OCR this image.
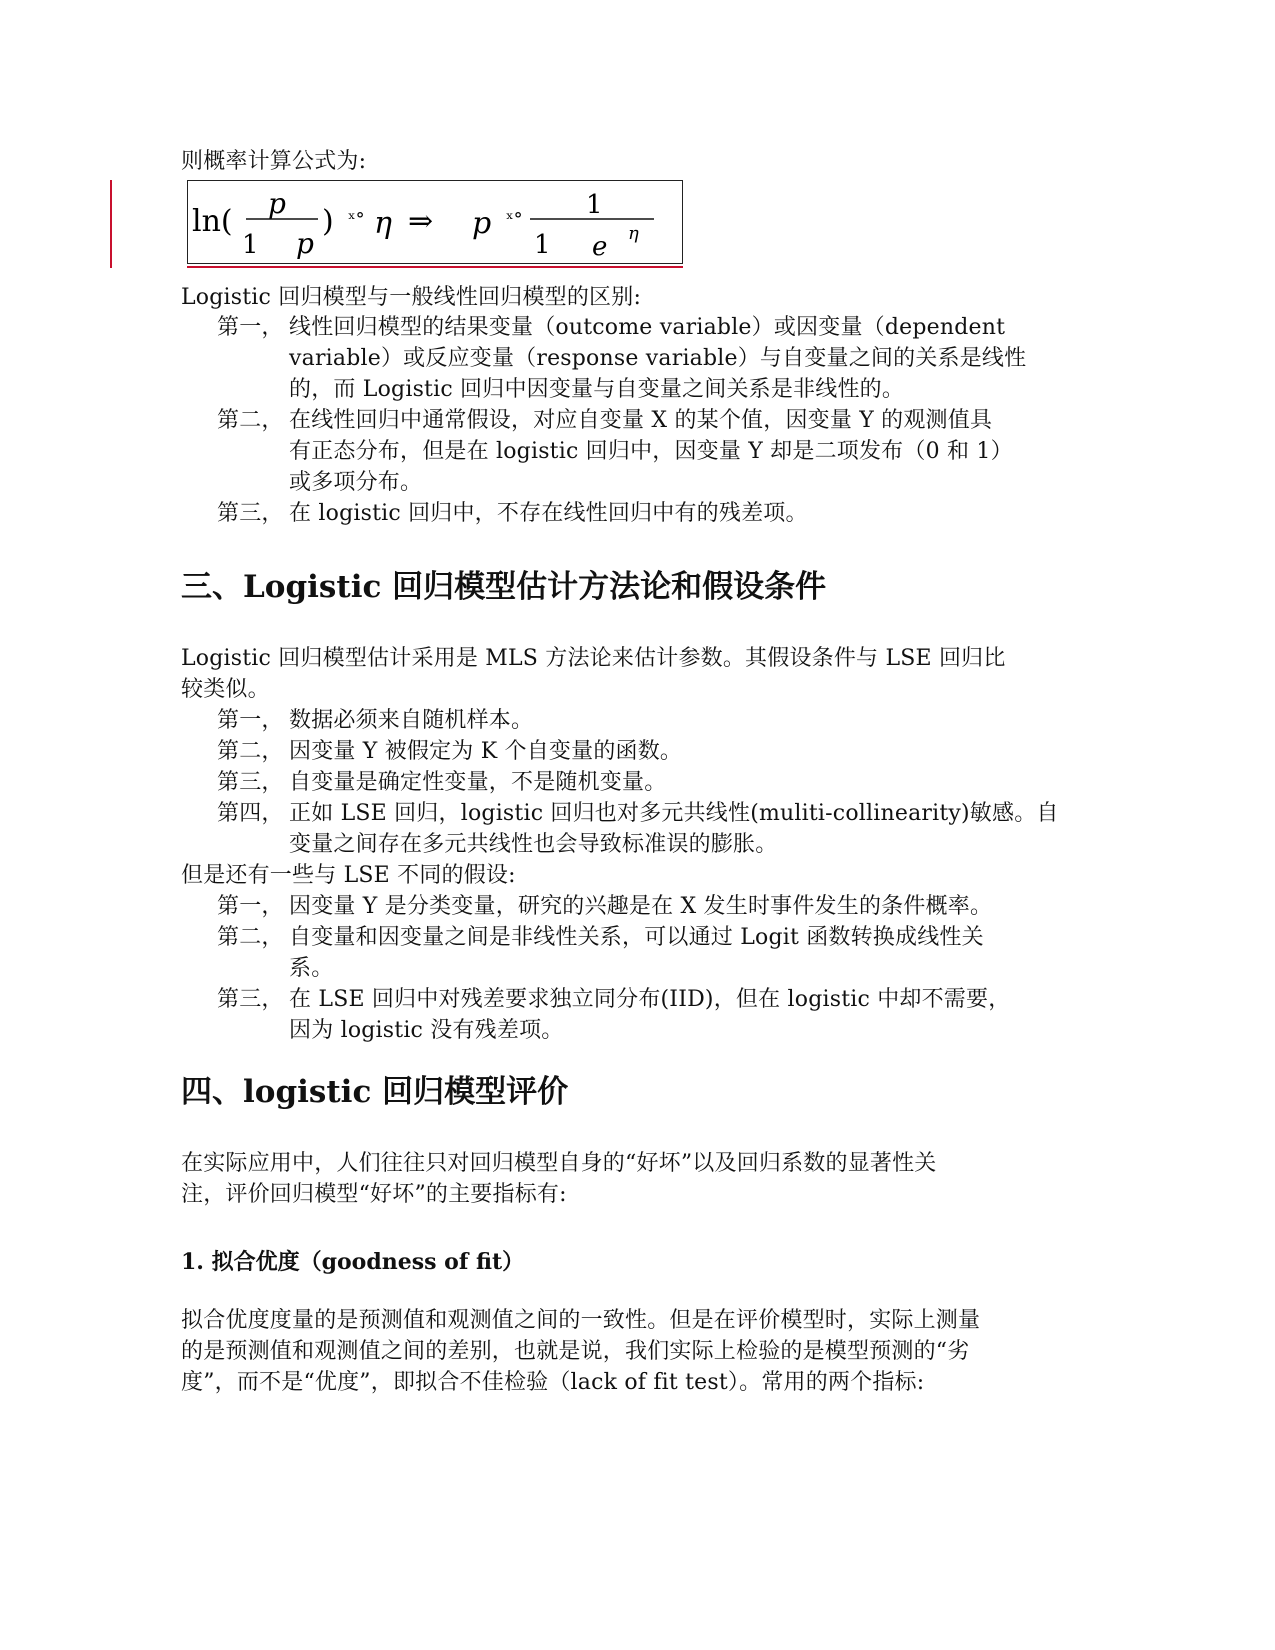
则概率计算公式为:

ln(
p
1 p
) ˣ° η ⇒ p ˣ° 1
1 e η

Logistic 回归模型与一般线性回归模型的区别:

第一， 线性回归模型的结果变量（outcome variable）或因变量（dependent

variable）或反应变量（response variable）与自变量之间的关系是线性

的，而 Logistic 回归中因变量与自变量之间关系是非线性的。

第二， 在线性回归中通常假设，对应自变量 X 的某个值，因变量 Y 的观测值具

有正态分布，但是在 logistic 回归中，因变量 Y 却是二项发布（0 和 1）

或多项分布。

第三， 在 logistic 回归中，不存在线性回归中有的残差项。

三、Logistic 回归模型估计方法论和假设条件

Logistic 回归模型估计采用是 MLS 方法论来估计参数。其假设条件与 LSE 回归比

较类似。

第一， 数据必须来自随机样本。

第二， 因变量 Y 被假定为 K 个自变量的函数。

第三， 自变量是确定性变量，不是随机变量。

第四， 正如 LSE 回归，logistic 回归也对多元共线性(muliti-collinearity)敏感。自

变量之间存在多元共线性也会导致标准误的膨胀。

但是还有一些与 LSE 不同的假设:

第一， 因变量 Y 是分类变量，研究的兴趣是在 X 发生时事件发生的条件概率。

第二， 自变量和因变量之间是非线性关系，可以通过 Logit 函数转换成线性关

系。

第三， 在 LSE 回归中对残差要求独立同分布(IID)，但在 logistic 中却不需要，

因为 logistic 没有残差项。

四、logistic 回归模型评价

在实际应用中，人们往往只对回归模型自身的“好坏”以及回归系数的显著性关

注，评价回归模型“好坏”的主要指标有:

1. 拟合优度（goodness of fit）

拟合优度度量的是预测值和观测值之间的一致性。但是在评价模型时，实际上测量

的是预测值和观测值之间的差别，也就是说，我们实际上检验的是模型预测的“劣

度”，而不是“优度”，即拟合不佳检验（lack of fit test）。常用的两个指标:
